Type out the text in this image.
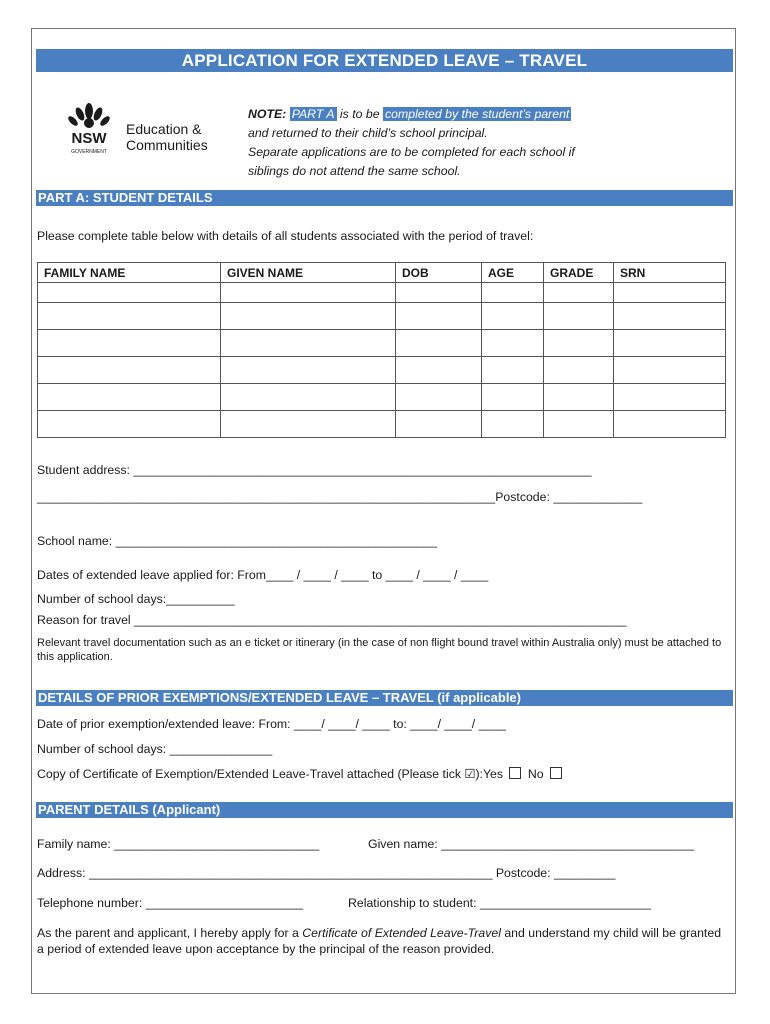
APPLICATION FOR EXTENDED LEAVE – TRAVEL
NSW
GOVERNMENT
Education &
Communities
NOTE: PART A is to be completed by the student’s parent
and returned to their child’s school principal.
Separate applications are to be completed for each school if
siblings do not attend the same school.
PART A: STUDENT DETAILS
Please complete table below with details of all students associated with the period of travel:
FAMILY NAME	GIVEN NAME	DOB	AGE	GRADE	SRN

Student address: ___________________________________________________________________
___________________________________________________________________Postcode: _____________
School name: _______________________________________________
Dates of extended leave applied for: From____ / ____ / ____ to ____ / ____ / ____
Number of school days:__________
Reason for travel ________________________________________________________________________
Relevant travel documentation such as an e ticket or itinerary (in the case of non flight bound travel within Australia only) must be attached to this application.
DETAILS OF PRIOR EXEMPTIONS/EXTENDED LEAVE – TRAVEL (if applicable)
Date of prior exemption/extended leave: From: ____/ ____/ ____ to: ____/ ____/ ____
Number of school days: _______________
Copy of Certificate of Exemption/Extended Leave-Travel attached (Please tick ☑):Yes No
PARENT DETAILS (Applicant)
Family name: ______________________________	Given name: _____________________________________
Address: ___________________________________________________________ Postcode: _________
Telephone number: _______________________	Relationship to student: _________________________
As the parent and applicant, I hereby apply for a Certificate of Extended Leave-Travel and understand my child will be granted a period of extended leave upon acceptance by the principal of the reason provided.
